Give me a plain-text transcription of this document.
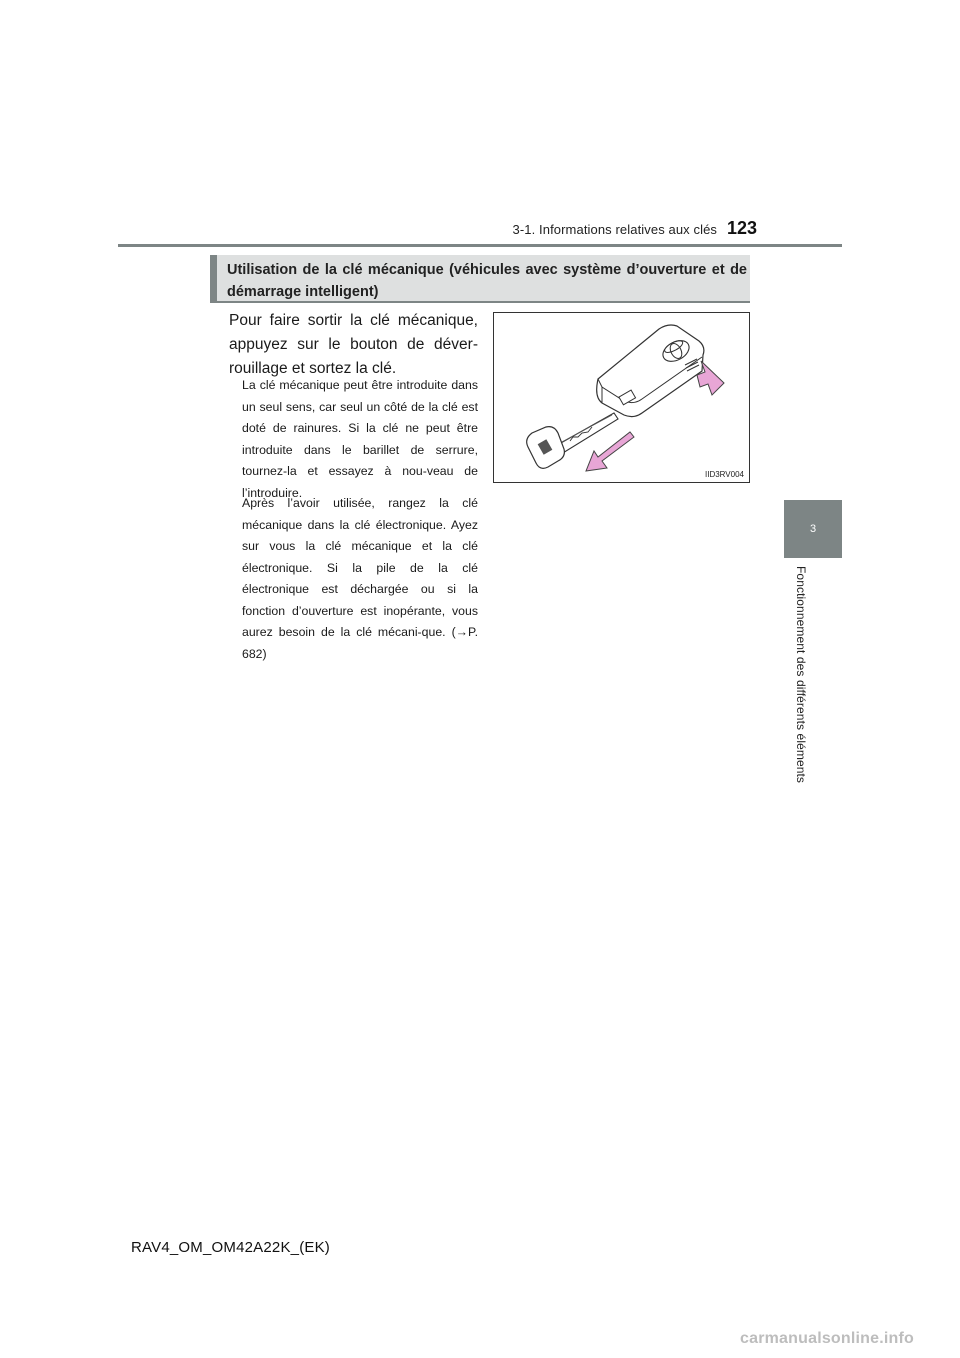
3-1. Informations relatives aux clés 123
3
Fonctionnement des différents éléments
Utilisation de la clé mécanique (véhicules avec système d’ouverture et de démarrage intelligent)

Pour faire sortir la clé mécanique, appuyez sur le bouton de déver-rouillage et sortez la clé.

La clé mécanique peut être introduite dans un seul sens, car seul un côté de la clé est doté de rainures. Si la clé ne peut être introduite dans le barillet de serrure, tournez-la et essayez à nou-veau de l’introduire.

Après l’avoir utilisée, rangez la clé mécanique dans la clé électronique. Ayez sur vous la clé mécanique et la clé électronique. Si la pile de la clé électronique est déchargée ou si la fonction d’ouverture est inopérante, vous aurez besoin de la clé mécani-que. (→P. 682)

IID3RV004
RAV4_OM_OM42A22K_(EK)
carmanualsonline.info
